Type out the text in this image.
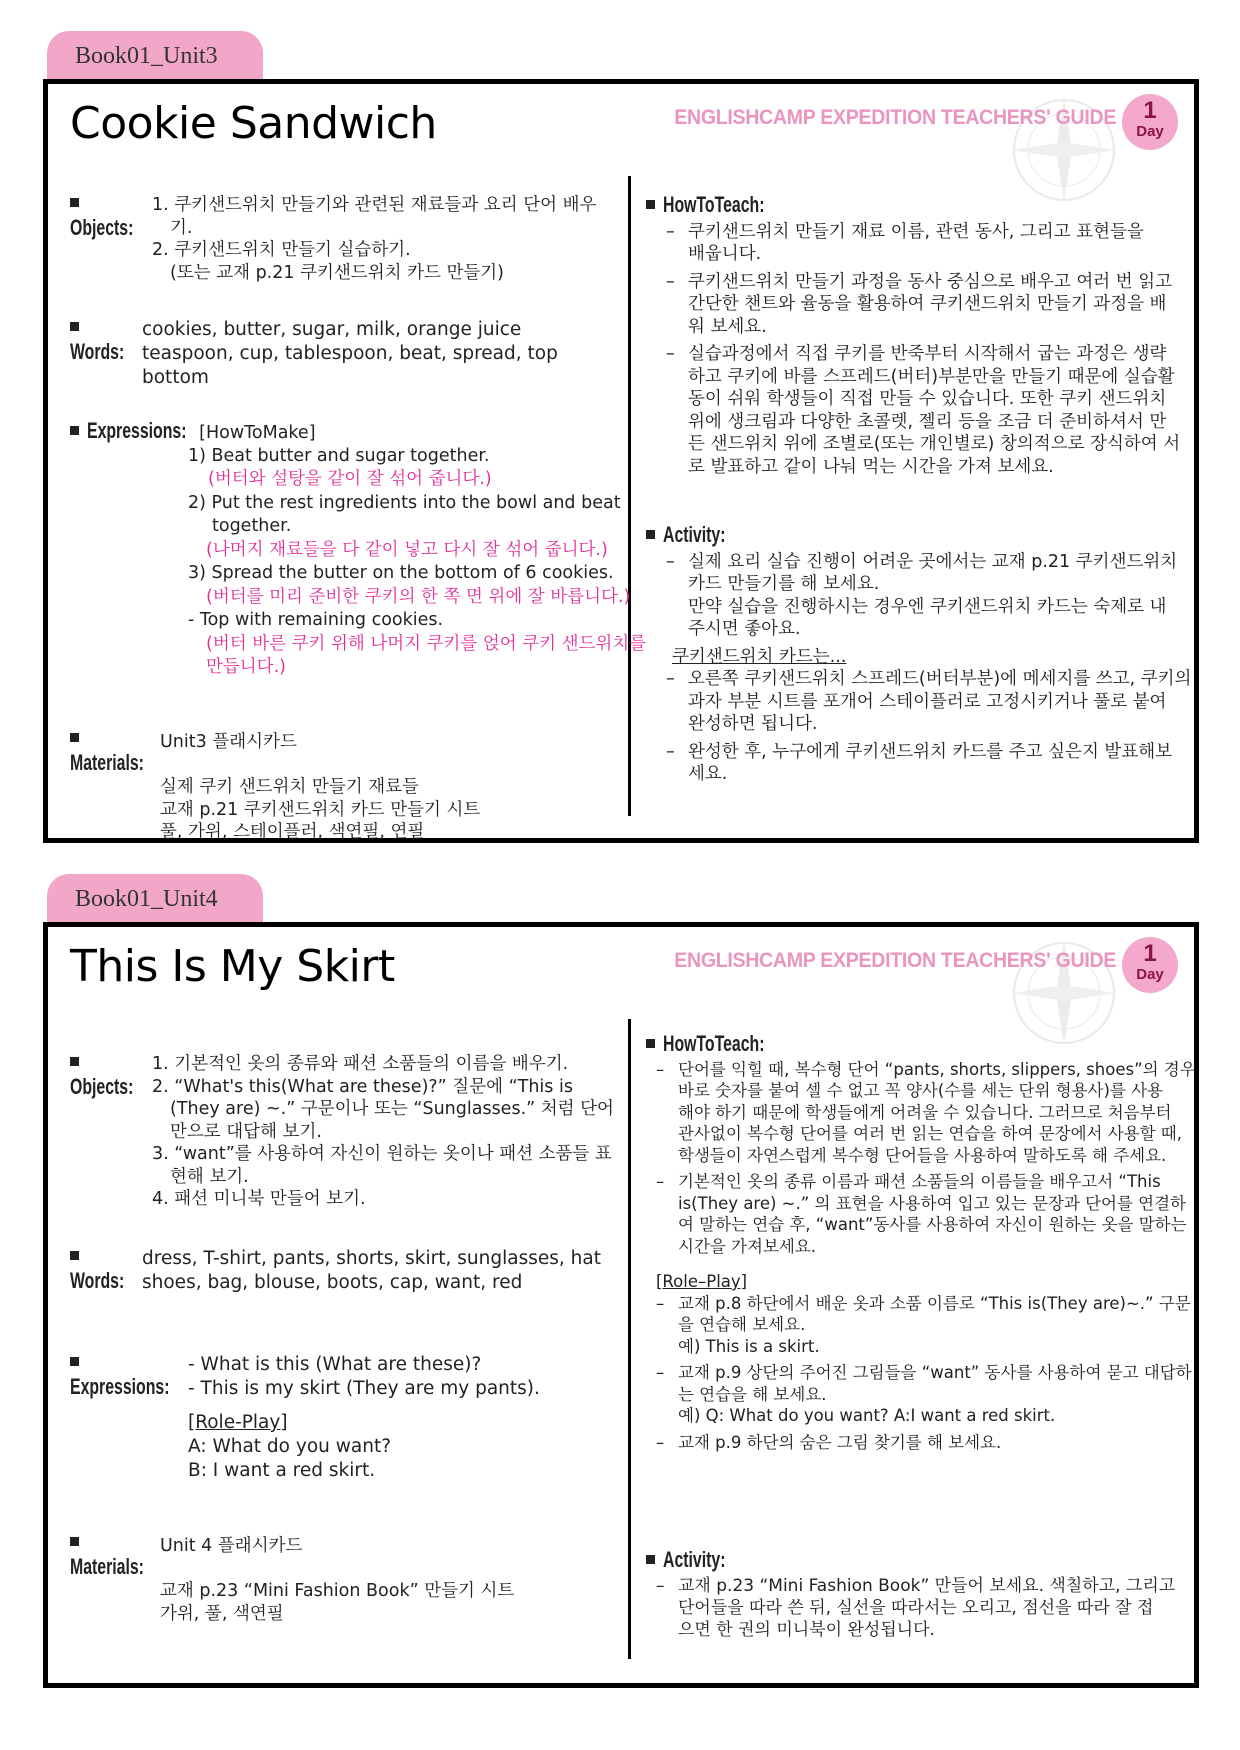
Book01_Unit3
Cookie Sandwich	ENGLISHCAMP EXPEDITION TEACHERS' GUIDE	1
Day
Objects:
1. 쿠키샌드위치 만들기와 관련된 재료들과 요리 단어 배우
기.
2. 쿠키샌드위치 만들기 실습하기.
(또는 교재 p.21 쿠키샌드위치 카드 만들기)
Words:
cookies, butter, sugar, milk, orange juice
teaspoon, cup, tablespoon, beat, spread, top
bottom
Expressions: [HowToMake]
1) Beat butter and sugar together.
(버터와 설탕을 같이 잘 섞어 줍니다.)
2) Put the rest ingredients into the bowl and beat
together.
(나머지 재료들을 다 같이 넣고 다시 잘 섞어 줍니다.)
3) Spread the butter on the bottom of 6 cookies.
(버터를 미리 준비한 쿠키의 한 쪽 면 위에 잘 바릅니다.)
- Top with remaining cookies.
(버터 바른 쿠키 위해 나머지 쿠키를 얹어 쿠키 샌드위치를
만듭니다.)
Materials:
Unit3 플래시카드
실제 쿠키 샌드위치 만들기 재료들
교재 p.21 쿠키샌드위치 카드 만들기 시트
풀, 가위, 스테이플러, 색연필, 연필
HowToTeach:
– 쿠키샌드위치 만들기 재료 이름, 관련 동사, 그리고 표현들을
배웁니다.
– 쿠키샌드위치 만들기 과정을 동사 중심으로 배우고 여러 번 읽고
간단한 챈트와 율동을 활용하여 쿠키샌드위치 만들기 과정을 배
워 보세요.
– 실습과정에서 직접 쿠키를 반죽부터 시작해서 굽는 과정은 생략
하고 쿠키에 바를 스프레드(버터)부분만을 만들기 때문에 실습활
동이 쉬워 학생들이 직접 만들 수 있습니다. 또한 쿠키 샌드위치
위에 생크림과 다양한 초콜렛, 젤리 등을 조금 더 준비하셔서 만
든 샌드위치 위에 조별로(또는 개인별로) 창의적으로 장식하여 서
로 발표하고 같이 나눠 먹는 시간을 가져 보세요.
Activity:
– 실제 요리 실습 진행이 어려운 곳에서는 교재 p.21 쿠키샌드위치
카드 만들기를 해 보세요.
만약 실습을 진행하시는 경우엔 쿠키샌드위치 카드는 숙제로 내
주시면 좋아요.
쿠키샌드위치 카드는...
– 오른쪽 쿠키샌드위치 스프레드(버터부분)에 메세지를 쓰고, 쿠키의
과자 부분 시트를 포개어 스테이플러로 고정시키거나 풀로 붙여
완성하면 됩니다.
– 완성한 후, 누구에게 쿠키샌드위치 카드를 주고 싶은지 발표해보
세요.
Book01_Unit4
This Is My Skirt	ENGLISHCAMP EXPEDITION TEACHERS' GUIDE	1
Day
Objects:
1. 기본적인 옷의 종류와 패션 소품들의 이름을 배우기.
2. “What's this(What are these)?” 질문에 “This is
(They are) ~.” 구문이나 또는 “Sunglasses.” 처럼 단어
만으로 대답해 보기.
3. “want”를 사용하여 자신이 원하는 옷이나 패션 소품들 표
현해 보기.
4. 패션 미니북 만들어 보기.
Words:
dress, T-shirt, pants, shorts, skirt, sunglasses, hat
shoes, bag, blouse, boots, cap, want, red
Expressions:
- What is this (What are these)?
- This is my skirt (They are my pants).
[Role-Play]
A: What do you want?
B: I want a red skirt.
Materials:
Unit 4 플래시카드
교재 p.23 “Mini Fashion Book” 만들기 시트
가위, 풀, 색연필
HowToTeach:
– 단어를 익힐 때, 복수형 단어 “pants, shorts, slippers, shoes”의 경우
바로 숫자를 붙여 셀 수 없고 꼭 양사(수를 세는 단위 형용사)를 사용
해야 하기 때문에 학생들에게 어려울 수 있습니다. 그러므로 처음부터
관사없이 복수형 단어를 여러 번 읽는 연습을 하여 문장에서 사용할 때,
학생들이 자연스럽게 복수형 단어들을 사용하여 말하도록 해 주세요.
– 기본적인 옷의 종류 이름과 패션 소품들의 이름들을 배우고서 “This
is(They are) ~.” 의 표현을 사용하여 입고 있는 문장과 단어를 연결하
여 말하는 연습 후, “want”동사를 사용하여 자신이 원하는 옷을 말하는
시간을 가져보세요.
[Role–Play]
– 교재 p.8 하단에서 배운 옷과 소품 이름로 “This is(They are)~.” 구문
을 연습해 보세요.
예) This is a skirt.
– 교재 p.9 상단의 주어진 그림들을 “want” 동사를 사용하여 묻고 대답하
는 연습을 해 보세요.
예) Q: What do you want? A:I want a red skirt.
– 교재 p.9 하단의 숨은 그림 찾기를 해 보세요.
Activity:
– 교재 p.23 “Mini Fashion Book” 만들어 보세요. 색칠하고, 그리고
단어들을 따라 쓴 뒤, 실선을 따라서는 오리고, 점선을 따라 잘 접
으면 한 권의 미니북이 완성됩니다.
